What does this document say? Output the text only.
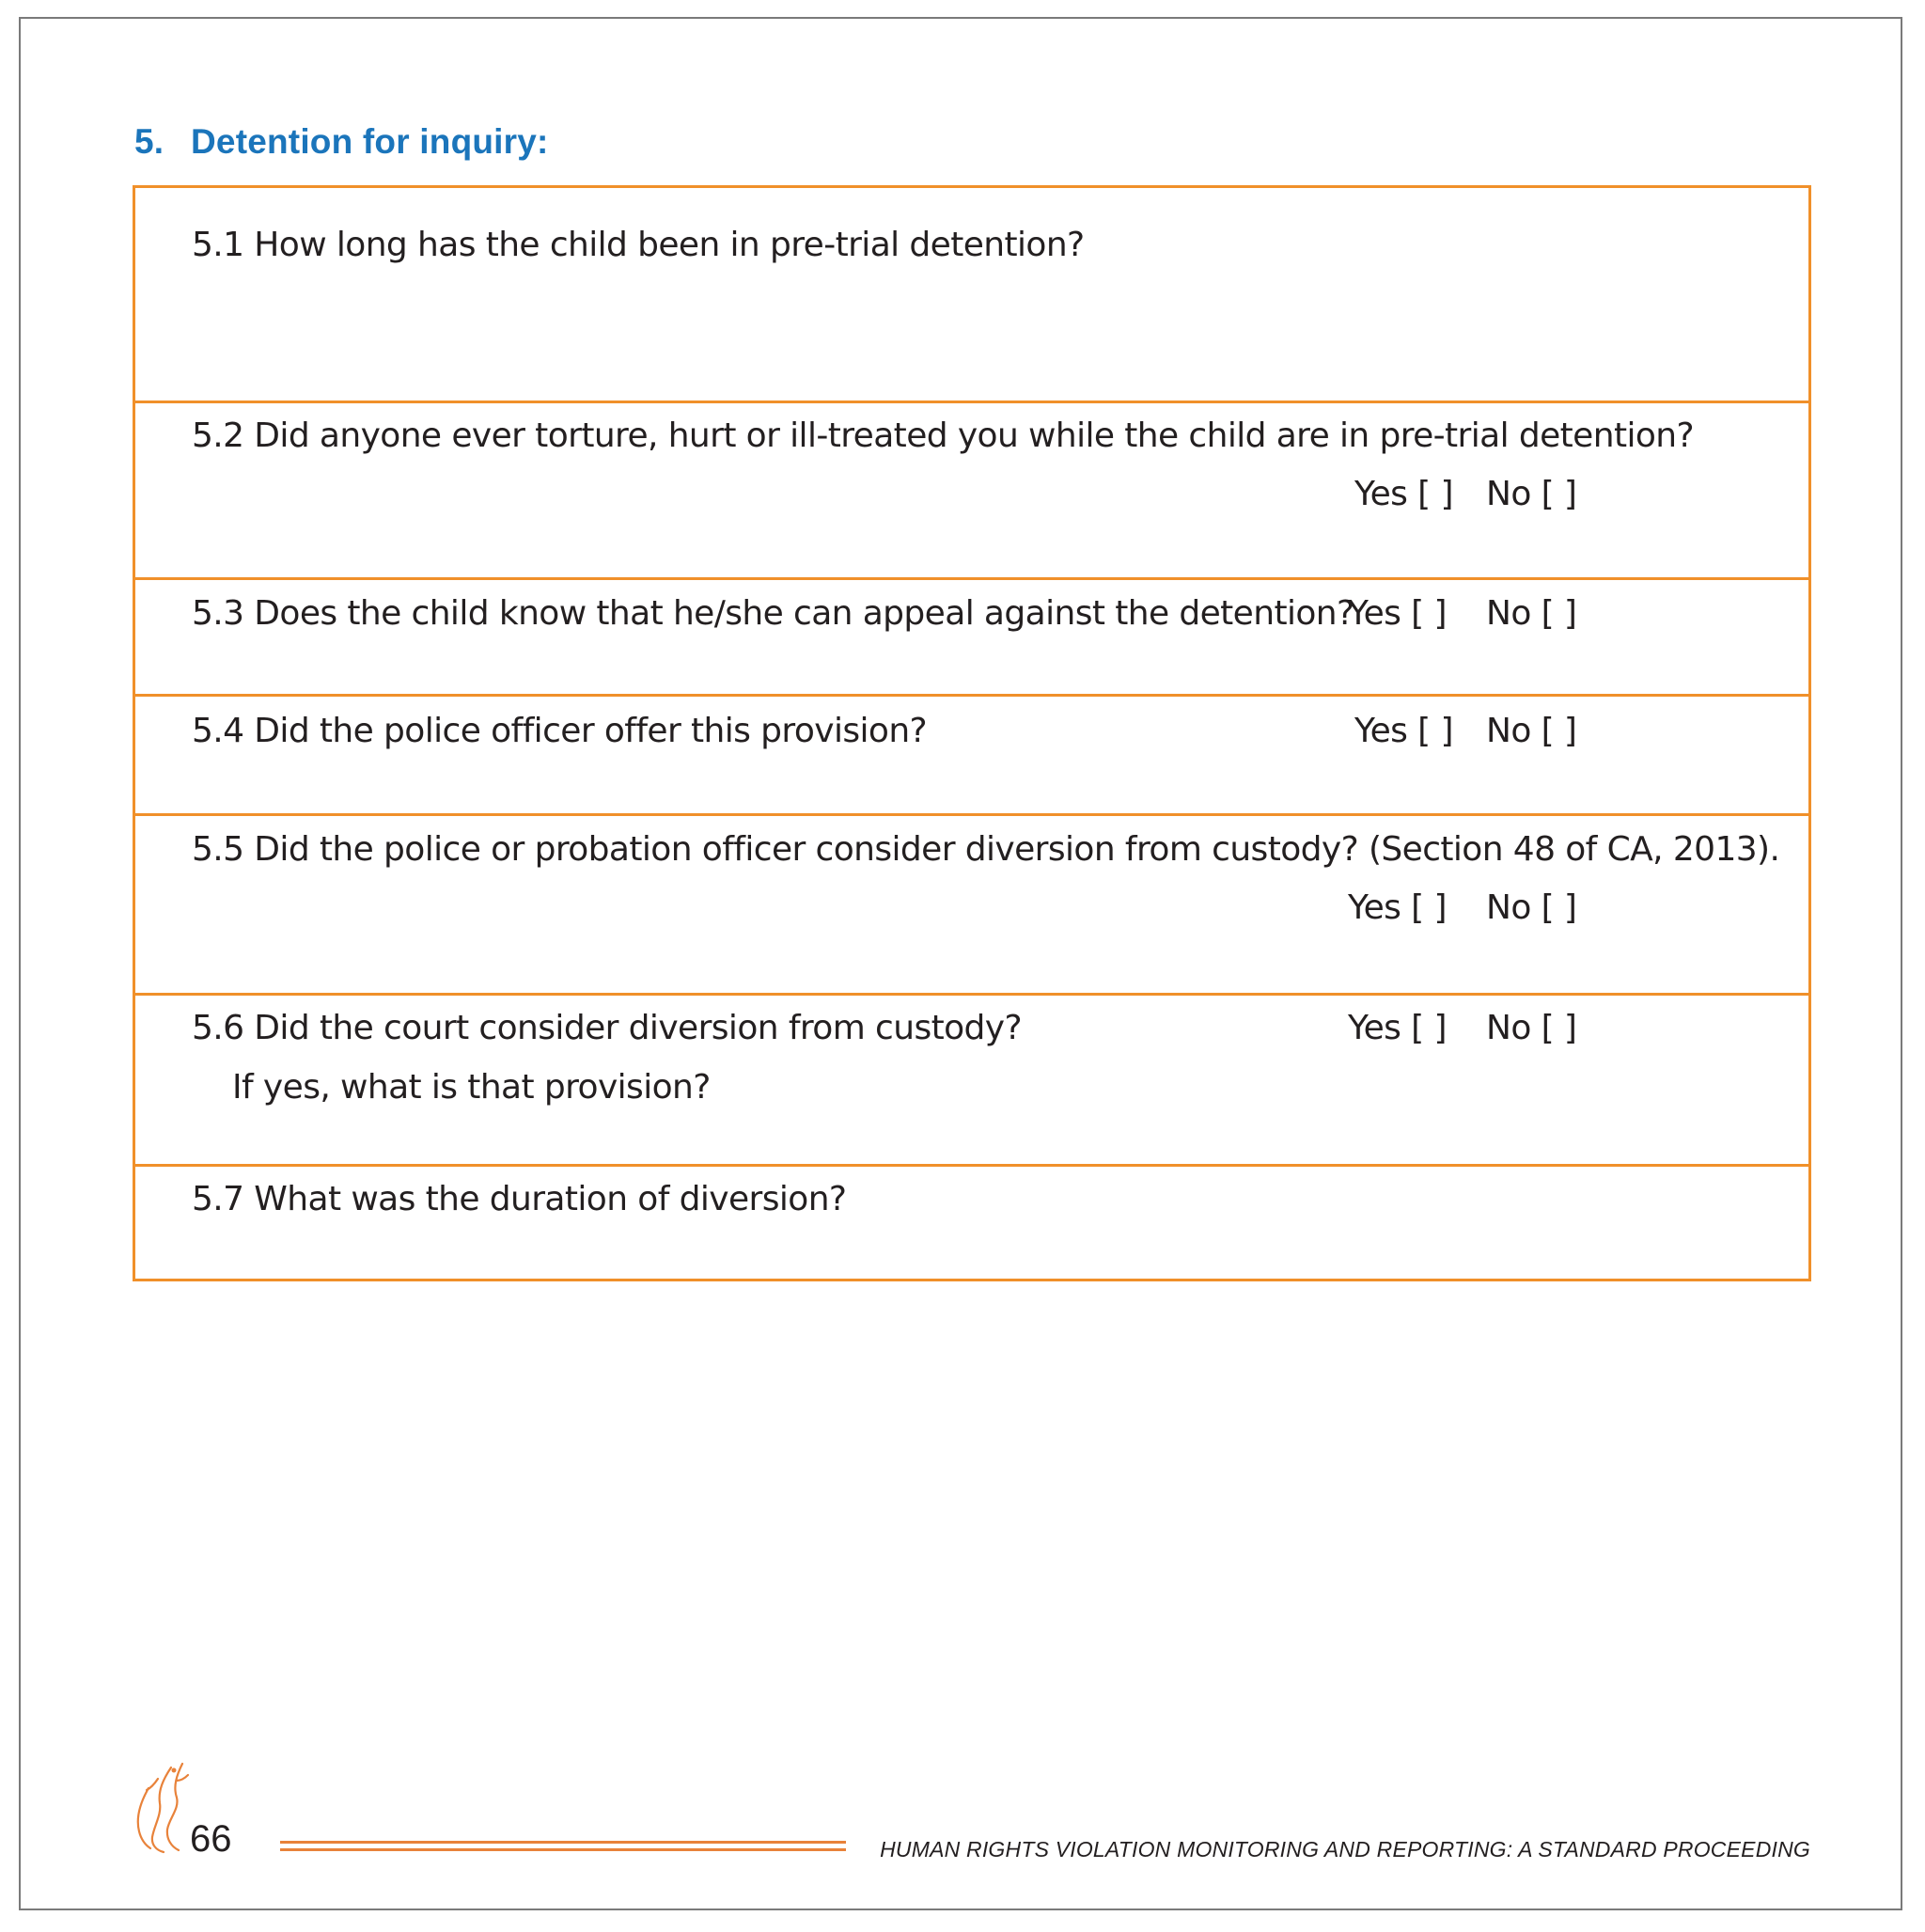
5. Detention for inquiry:
5.1 How long has the child been in pre-trial detention?
5.2 Did anyone ever torture, hurt or ill-treated you while the child are in pre-trial detention?
Yes [ ] No [ ]
5.3 Does the child know that he/she can appeal against the detention?
Yes [ ] No [ ]
5.4 Did the police officer offer this provision?	Yes [ ] No [ ]
5.5 Did the police or probation officer consider diversion from custody? (Section 48 of CA, 2013).
Yes [ ] No [ ]
5.6 Did the court consider diversion from custody?	Yes [ ] No [ ]
If yes, what is that provision?
5.7 What was the duration of diversion?
66	HUMAN RIGHTS VIOLATION MONITORING AND REPORTING: A STANDARD PROCEEDING
